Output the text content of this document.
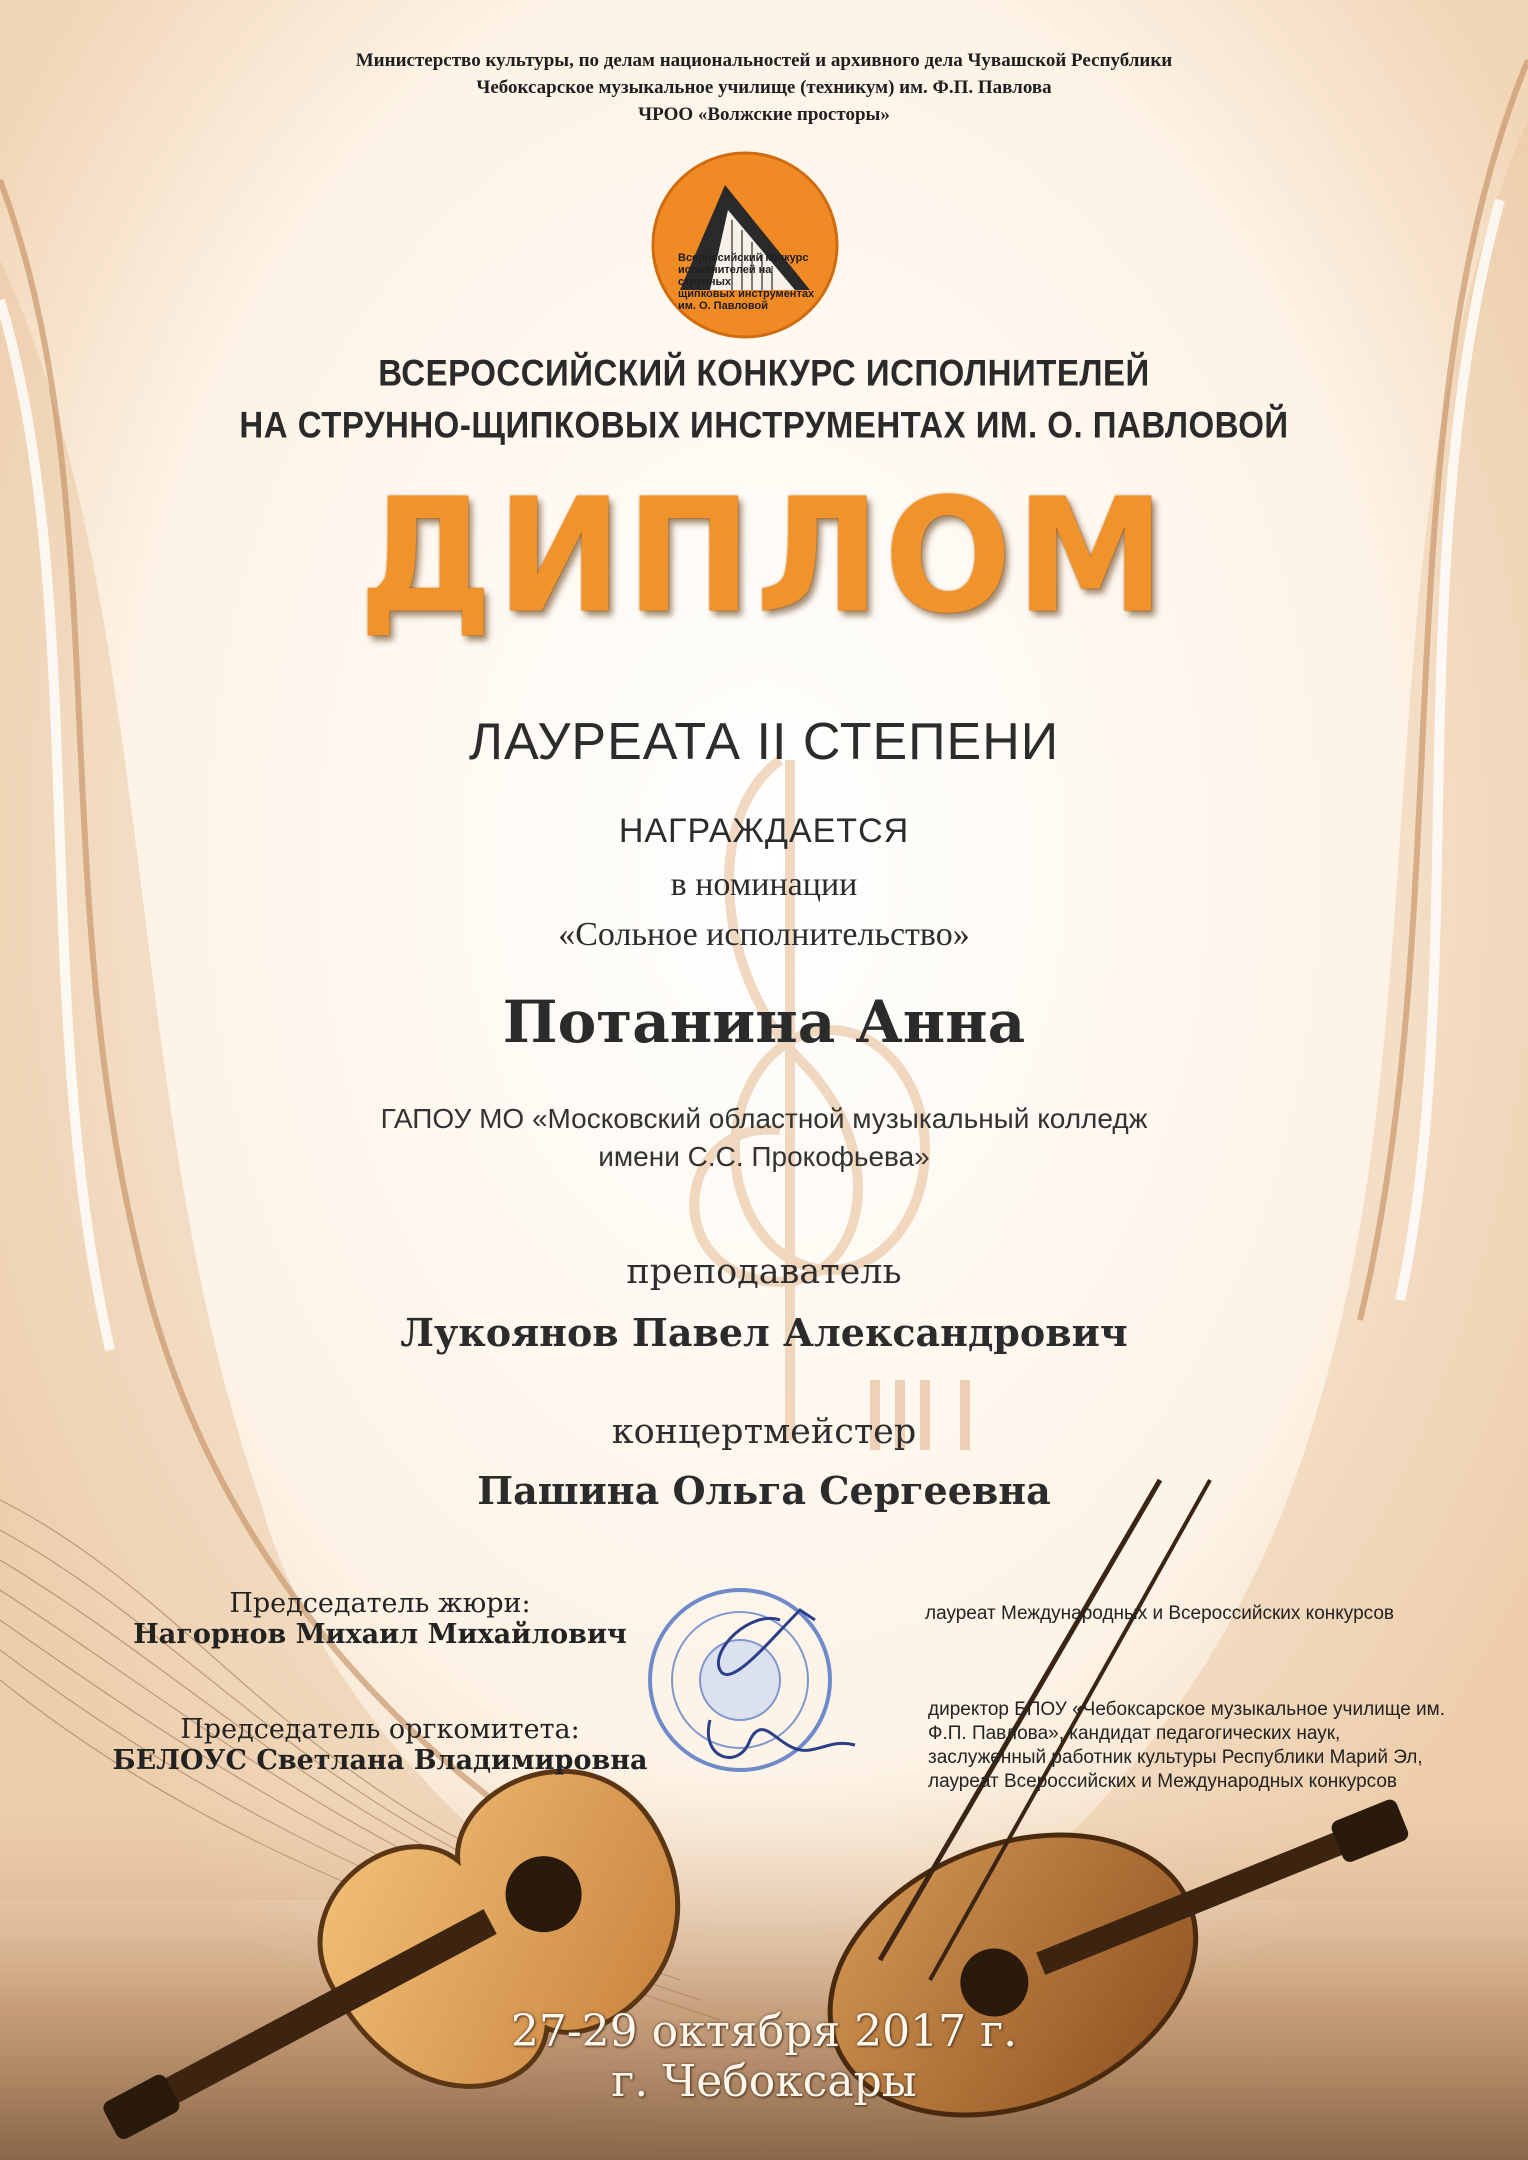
Министерство культуры, по делам национальностей и архивного дела Чувашской Республики
Чебоксарское музыкальное училище (техникум) им. Ф.П. Павлова
ЧРОО «Волжские просторы»
Всероссийский конкурс
исполнителей на струнных
щипковых инструментах
им. О. Павловой
ВСЕРОССИЙСКИЙ КОНКУРС ИСПОЛНИТЕЛЕЙ
НА СТРУННО-ЩИПКОВЫХ ИНСТРУМЕНТАХ ИМ. О. ПАВЛОВОЙ
ДИПЛОМ
ЛАУРЕАТА II СТЕПЕНИ
НАГРАЖДАЕТСЯ
в номинации
«Сольное исполнительство»
Потанина Анна
ГАПОУ МО «Московский областной музыкальный колледж
имени С.С. Прокофьева»
преподаватель
Лукоянов Павел Александрович
концертмейстер
Пашина Ольга Сергеевна
Председатель жюри:
Нагорнов Михаил Михайлович
Председатель оргкомитета:
БЕЛОУС Светлана Владимировна
лауреат Международных и Всероссийских конкурсов
директор БПОУ «Чебоксарское музыкальное училище им.
Ф.П. Павлова», кандидат педагогических наук,
заслуженный работник культуры Республики Марий Эл,
лауреат Всероссийских и Международных конкурсов
27-29 октября 2017 г.
г. Чебоксары
